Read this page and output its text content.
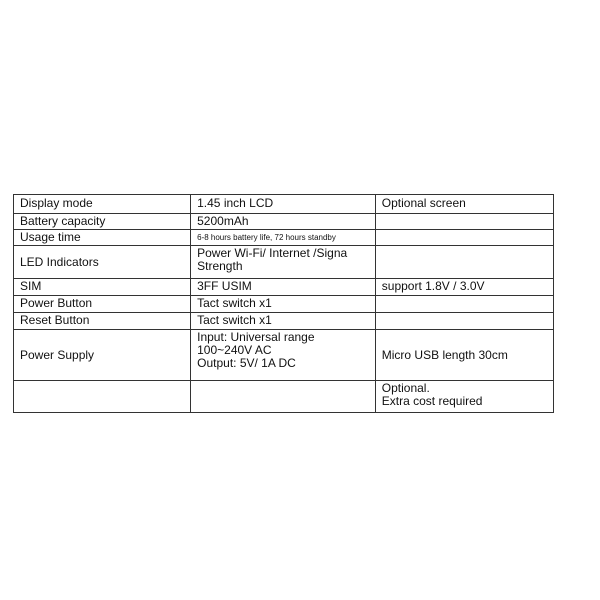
Display mode	1.45 inch LCD	Optional screen

Battery capacity	5200mAh	

Usage time	6-8 hours battery life, 72 hours standby	

LED Indicators	Power Wi-Fi/ Internet /Signa
Strength	

SIM	3FF USIM	support 1.8V / 3.0V

Power Button	Tact switch x1	

Reset Button	Tact switch x1	

Power Supply	Input: Universal range
100~240V AC
Output: 5V/ 1A DC	Micro USB length 30cm

		Optional.
Extra cost required
